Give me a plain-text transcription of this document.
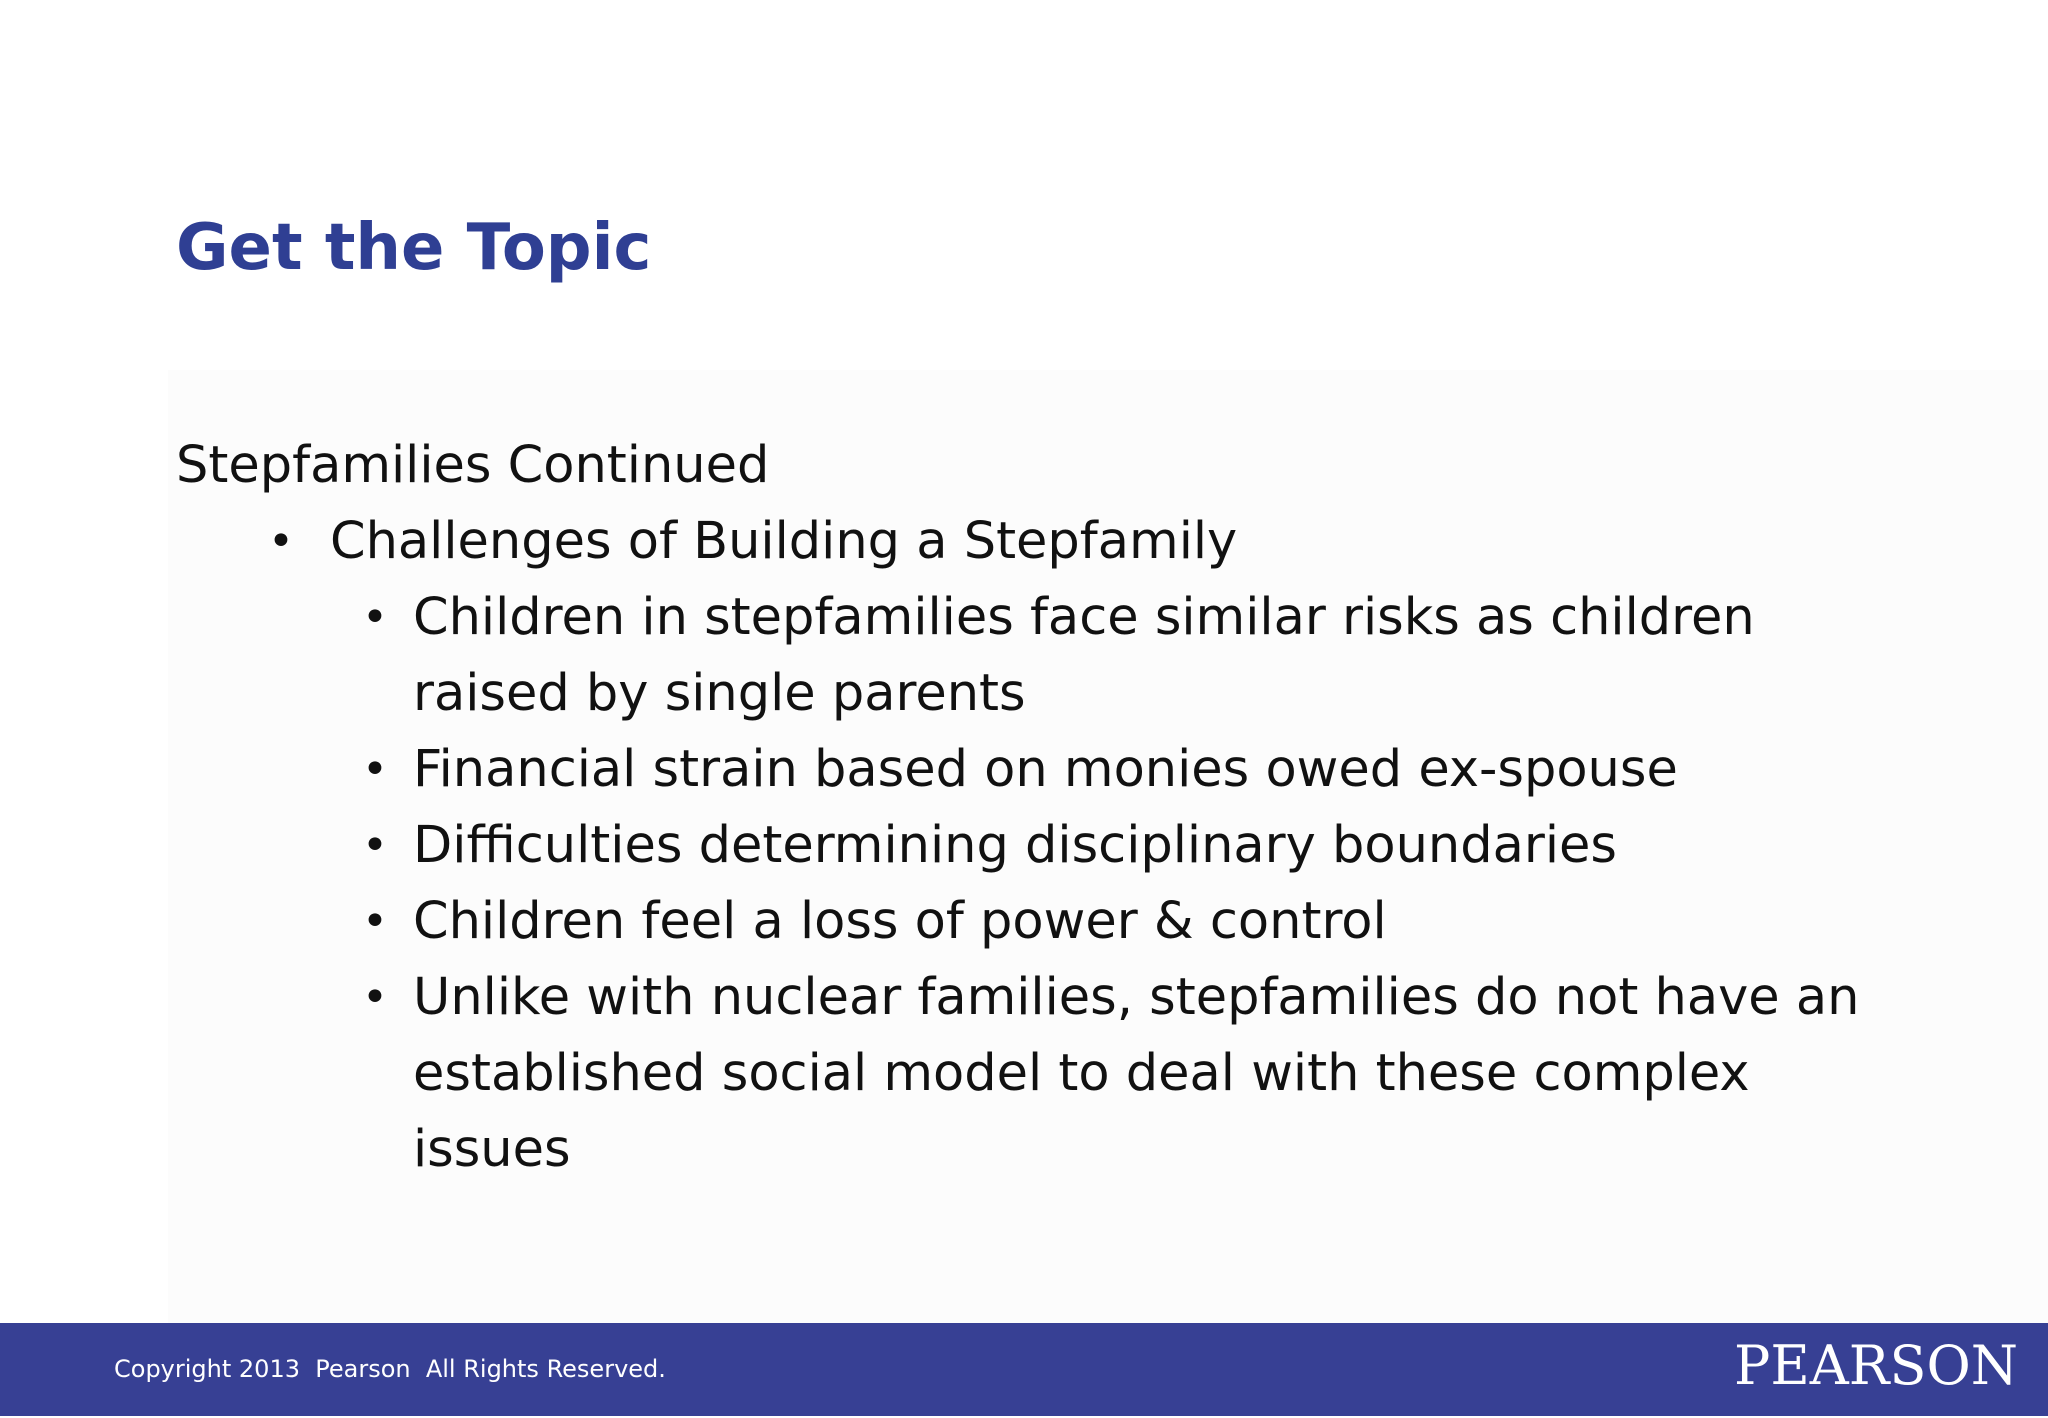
Get the Topic

Stepfamilies Continued

• Challenges of Building a Stepfamily
• Children in stepfamilies face similar risks as children raised by single parents
• Financial strain based on monies owed ex-spouse
• Difficulties determining disciplinary boundaries
• Children feel a loss of power & control
• Unlike with nuclear families, stepfamilies do not have an established social model to deal with these complex issues
Copyright 2013  Pearson  All Rights Reserved.	PEARSON
